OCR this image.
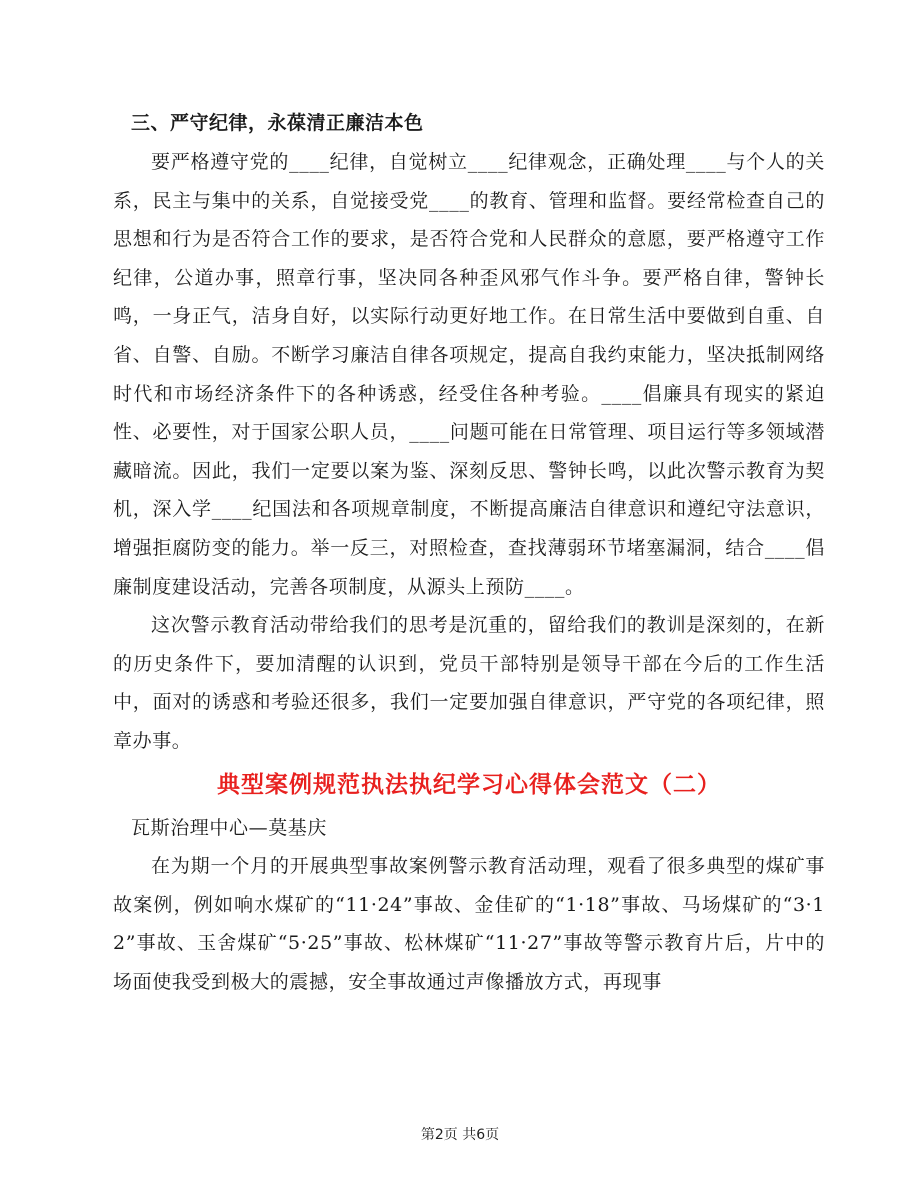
三、严守纪律，永葆清正廉洁本色

要严格遵守党的____纪律，自觉树立____纪律观念，正确处理____与个人的关系，民主与集中的关系，自觉接受党____的教育、管理和监督。要经常检查自己的思想和行为是否符合工作的要求，是否符合党和人民群众的意愿，要严格遵守工作纪律，公道办事，照章行事，坚决同各种歪风邪气作斗争。要严格自律，警钟长鸣，一身正气，洁身自好，以实际行动更好地工作。在日常生活中要做到自重、自省、自警、自励。不断学习廉洁自律各项规定，提高自我约束能力，坚决抵制网络时代和市场经济条件下的各种诱惑，经受住各种考验。____倡廉具有现实的紧迫性、必要性，对于国家公职人员，____问题可能在日常管理、项目运行等多领域潜藏暗流。因此，我们一定要以案为鉴、深刻反思、警钟长鸣，以此次警示教育为契机，深入学____纪国法和各项规章制度，不断提高廉洁自律意识和遵纪守法意识，增强拒腐防变的能力。举一反三，对照检查，查找薄弱环节堵塞漏洞，结合____倡廉制度建设活动，完善各项制度，从源头上预防____。

这次警示教育活动带给我们的思考是沉重的，留给我们的教训是深刻的，在新的历史条件下，要加清醒的认识到，党员干部特别是领导干部在今后的工作生活中，面对的诱惑和考验还很多，我们一定要加强自律意识，严守党的各项纪律，照章办事。

典型案例规范执法执纪学习心得体会范文（二）

瓦斯治理中心—莫基庆

在为期一个月的开展典型事故案例警示教育活动理，观看了很多典型的煤矿事故案例，例如响水煤矿的“11·24”事故、金佳矿的“1·18”事故、马场煤矿的“3·12”事故、玉舍煤矿“5·25”事故、松林煤矿“11·27”事故等警示教育片后，片中的场面使我受到极大的震撼，安全事故通过声像播放方式，再现事

第2页 共6页
